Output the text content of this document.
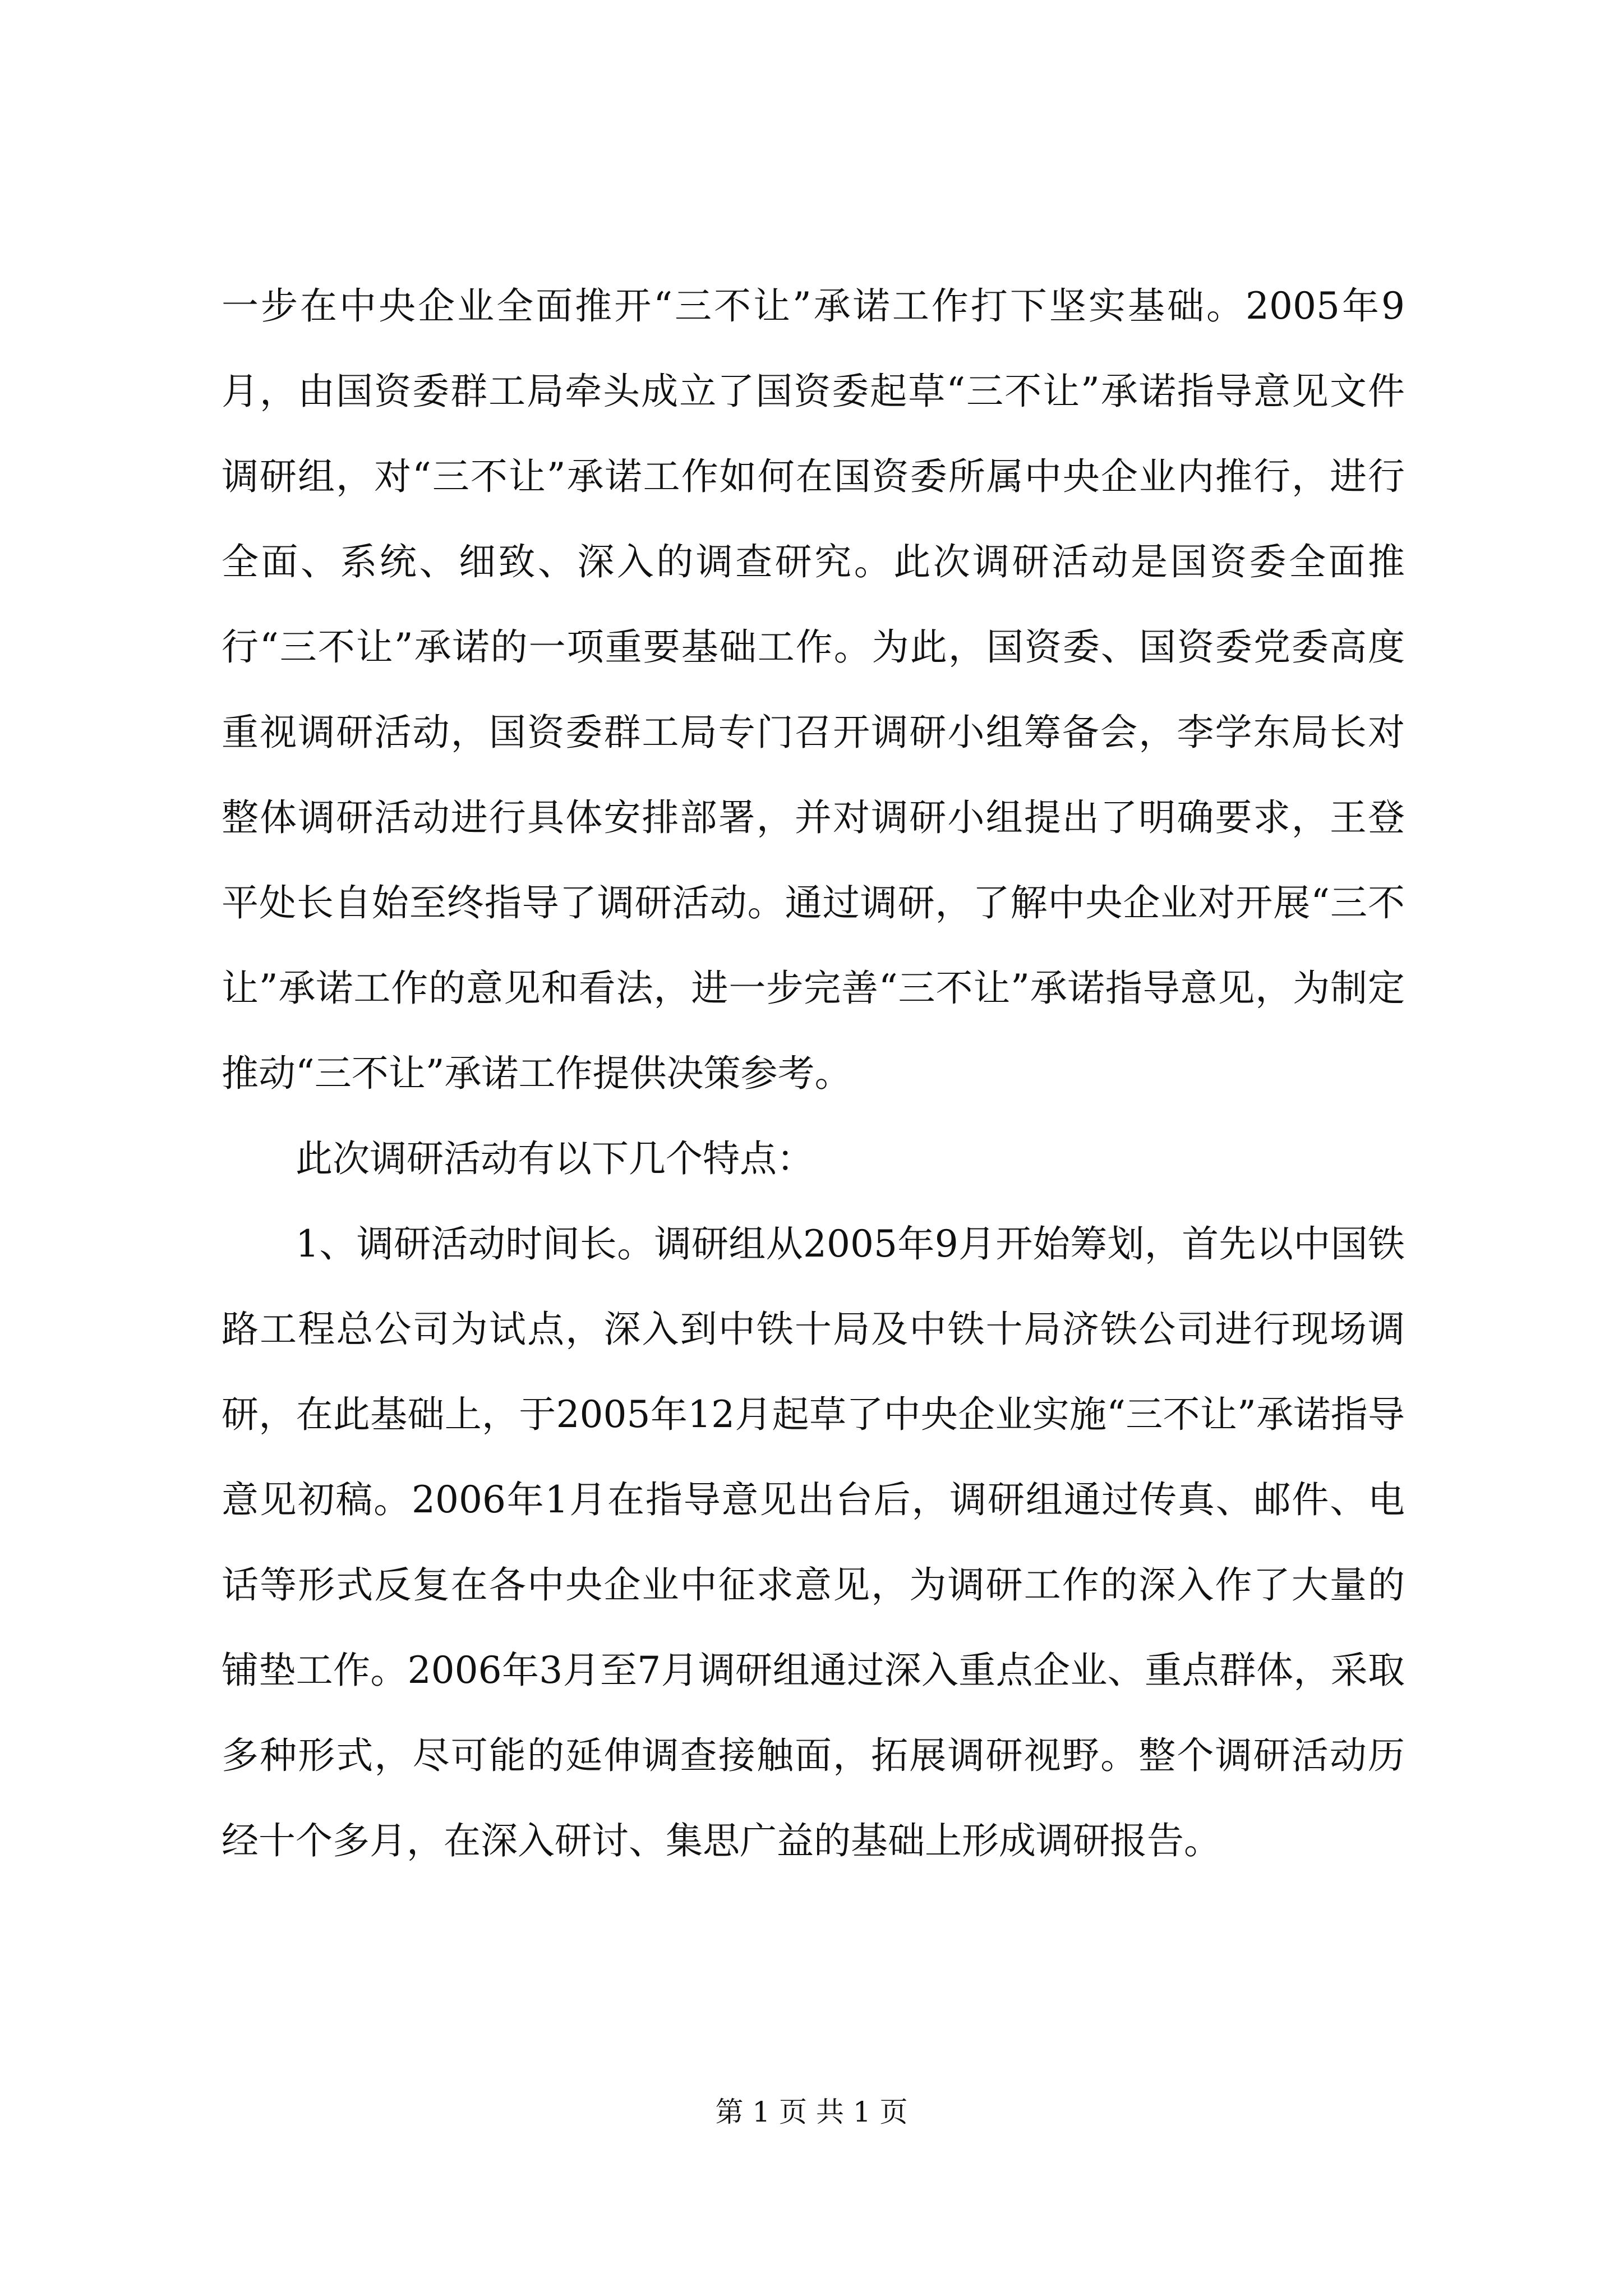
一步在中央企业全面推开“三不让”承诺工作打下坚实基础。2005年9月，由国资委群工局牵头成立了国资委起草“三不让”承诺指导意见文件调研组，对“三不让”承诺工作如何在国资委所属中央企业内推行，进行全面、系统、细致、深入的调查研究。此次调研活动是国资委全面推行“三不让”承诺的一项重要基础工作。为此，国资委、国资委党委高度重视调研活动，国资委群工局专门召开调研小组筹备会，李学东局长对整体调研活动进行具体安排部署，并对调研小组提出了明确要求，王登平处长自始至终指导了调研活动。通过调研，了解中央企业对开展“三不让”承诺工作的意见和看法，进一步完善“三不让”承诺指导意见，为制定推动“三不让”承诺工作提供决策参考。

此次调研活动有以下几个特点：

1、调研活动时间长。调研组从2005年9月开始筹划，首先以中国铁路工程总公司为试点，深入到中铁十局及中铁十局济铁公司进行现场调研，在此基础上，于2005年12月起草了中央企业实施“三不让”承诺指导意见初稿。2006年1月在指导意见出台后，调研组通过传真、邮件、电话等形式反复在各中央企业中征求意见，为调研工作的深入作了大量的铺垫工作。2006年3月至7月调研组通过深入重点企业、重点群体，采取多种形式，尽可能的延伸调查接触面，拓展调研视野。整个调研活动历经十个多月，在深入研讨、集思广益的基础上形成调研报告。

第 1 页 共 1 页
